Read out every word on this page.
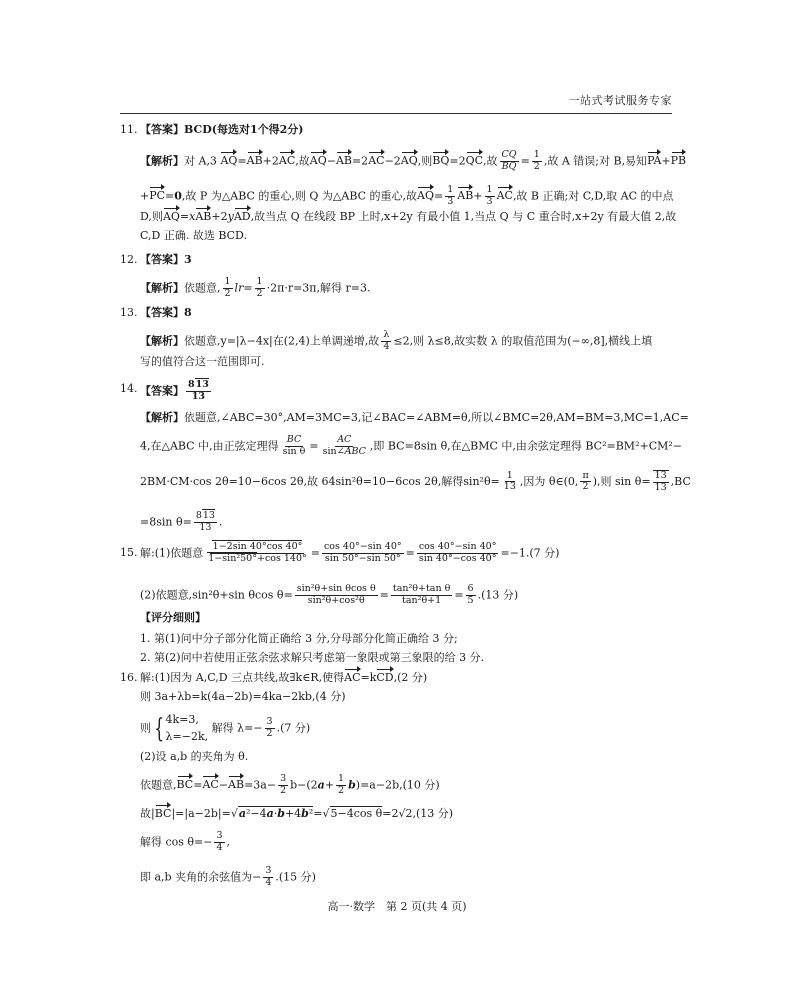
一站式考试服务专家
11. 【答案】BCD(每选对1个得2分)
【解析】对 A,3 AQ=AB+2AC,故AQ−AB=2AC−2AQ,则BQ=2QC,故 $\frac{CQ}{BQ} = \frac{1}{2}$ ,故 A 错误;对 B,易知PA+PB
+PC=0,故 P 为△ABC 的重心,则 Q 为△ABC 的重心,故$AQ= \frac{1}{3} AB+ \frac{1}{3}$ AC,故 B 正确;对 C,D,取 AC 的中点
D,则AQ=xAB+2yAD,故当点 Q 在线段 BP 上时,x+2y 有最小值 1,当点 Q 与 C 重合时,x+2y 有最大值 2,故
C,D 正确. 故选 BCD.
12. 【答案】3
【解析】依题意, $\frac{1}{2} lr= \frac{1}{2} \cdot 2\pi\cdot r=3\pi$,解得 r=3.
13. 【答案】8
【解析】依题意,y=|λ−4x|在(2,4)上单调递增,故 $\frac{\lambda}{4} \le 2$,则 λ≤8,故实数 λ 的取值范围为(−∞,8],横线上填
写的值符合这一范围即可.
14. 【答案】 $\frac{813}{13}$
【解析】依题意,∠ABC=30°,AM=3MC=3,记∠BAC=∠ABM=θ,所以∠BMC=2θ,AM=BM=3,MC=1,AC=
4,在△ABC 中,由正弦定理得 $\frac{BC}{\text{sin θ}} = \frac{AC}{\text{sin∠ABC}}$ ,即 BC=8sin θ,在△BMC 中,由余弦定理得 BC²=BM²+CM²−
2BM·CM·cos 2θ=10−6cos 2θ,故 64sin²θ=10−6cos 2θ,解得$\sin^2\theta= \frac{1}{13}$ ,因为 θ∈(0, $\frac{\pi}{2}$ ),则 $\sin \theta= \frac{13}{13} ,BC$
=8sin $\theta= \frac{813}{13}$ .
15. 解:(1)依题意 $\frac{1-2\sin 40^\circ\cos 40^\circ}{\text{1−sin²50°+cos 140°}} = \frac{\cos 40^\circ-\sin 40^\circ}{\sin 50^\circ-\sin 50^\circ} = \frac{\cos 40^\circ-\sin 40^\circ}{\sin 40^\circ-\cos 40^\circ} =-1.(7$ 分)
(2)依题意,sin²θ+sin θcos $\theta= \frac{\text{sin²θ+sin θcos θ}}{\text{sin²θ+cos²θ}} = \frac{\text{tan²θ+tan θ}}{\text{tan²θ+1}} = \frac{6}{5} .(13$ 分)
【评分细则】
1. 第(1)问中分子部分化简正确给 3 分,分母部分化简正确给 3 分;
2. 第(2)问中若使用正弦余弦求解只考虑第一象限或第三象限的给 3 分.
16. 解:(1)因为 A,C,D 三点共线,故∃k∈R,使得AC=kCD,(2 分)
则 3a+λb=k(4a−2b)=4ka−2kb,(4 分)
则 { 4k=3,
λ=−2k,
解得 $\lambda=- \frac{3}{2} .(7$ 分)
(2)设 a,b 的夹角为 θ.
依题意$,BC=AC-AB=3a- \frac{3}{2} b-(2a+ \frac{1}{2} b)=a-2b,(10$ 分)
故|BC|=|a−2b|=√a²−4a·b+4b²=√5−4cos θ=2√2,(13 分)
解得 $\cos \theta=- \frac{3}{4}$ ,
即 a,b 夹角的余弦值为− $\frac{3}{4} .(15$ 分)
高一·数学　第 2 页(共 4 页)
